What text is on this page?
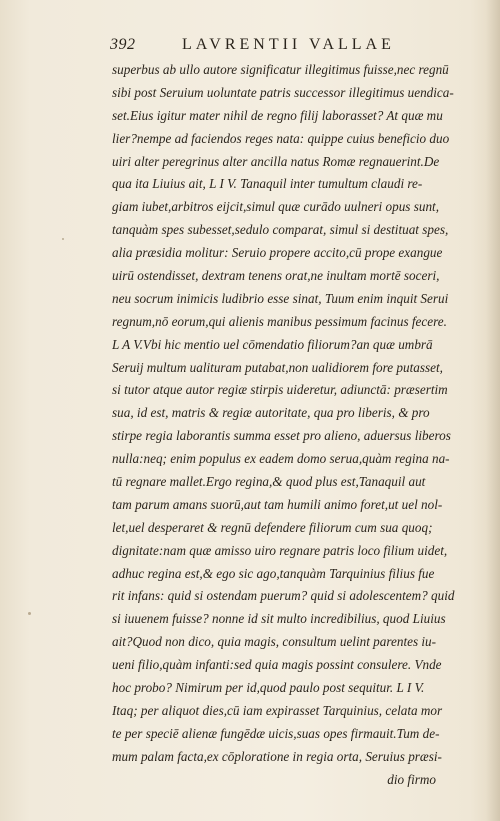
392	LAVRENTII VALLAE
superbus ab ullo autore significatur illegitimus fuisse,nec regnū
sibi post Seruium uoluntate patris successor illegitimus uendica-
set.Eius igitur mater nihil de regno filij laborasset? At quæ mu
lier?nempe ad faciendos reges nata: quippe cuius beneficio duo
uiri alter peregrinus alter ancilla natus Romæ regnauerint.De
qua ita Liuius ait, L I V. Tanaquil inter tumultum claudi re-
giam iubet,arbitros eijcit,simul quæ curādo uulneri opus sunt,
tanquàm spes subesset,sedulo comparat, simul si destituat spes,
alia præsidia molitur: Seruio propere accito,cū prope exangue
uirū ostendisset, dextram tenens orat,ne inultam mortē soceri,
neu socrum inimicis ludibrio esse sinat, Tuum enim inquit Serui
regnum,nō eorum,qui alienis manibus pessimum facinus fecere.
L A V.Vbi hic mentio uel cōmendatio filiorum?an quæ umbrā
Seruij multum ualituram putabat,non ualidiorem fore putasset,
si tutor atque autor regiæ stirpis uideretur, adiunctā: præsertim
sua, id est, matris & regiæ autoritate, qua pro liberis, & pro
stirpe regia laborantis summa esset pro alieno, aduersus liberos
nulla:neq; enim populus ex eadem domo serua,quàm regina na-
tū regnare mallet.Ergo regina,& quod plus est,Tanaquil aut
tam parum amans suorū,aut tam humili animo foret,ut uel nol-
let,uel desperaret & regnū defendere filiorum cum sua quoq;
dignitate:nam quæ amisso uiro regnare patris loco filium uidet,
adhuc regina est,& ego sic ago,tanquàm Tarquinius filius fue
rit infans: quid si ostendam puerum? quid si adolescentem? quid
si iuuenem fuisse? nonne id sit multo incredibilius, quod Liuius
ait?Quod non dico, quia magis, consultum uelint parentes iu-
ueni filio,quàm infanti:sed quia magis possint consulere. Vnde
hoc probo? Nimirum per id,quod paulo post sequitur. L I V.
Itaq; per aliquot dies,cū iam expirasset Tarquinius, celata mor
te per speciē alienæ fungēdæ uicis,suas opes firmauit.Tum de-
mum palam facta,ex cōploratione in regia orta, Seruius præsi-
dio firmo
